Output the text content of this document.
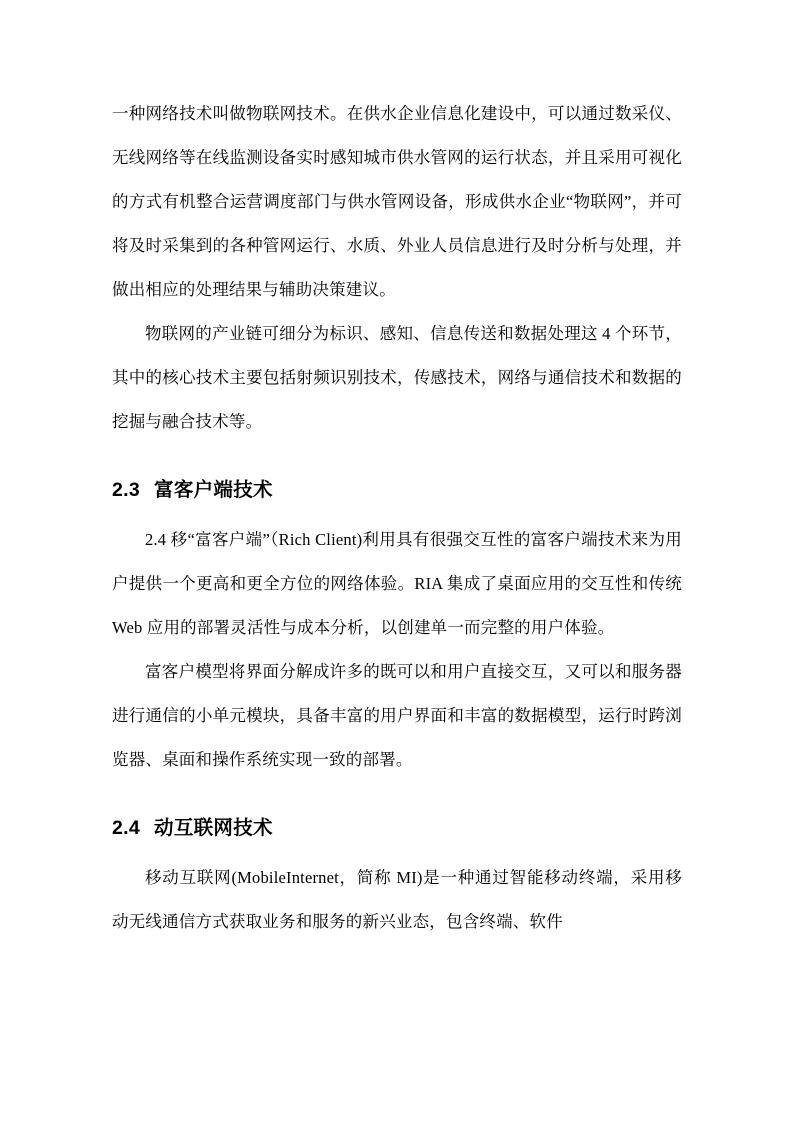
一种网络技术叫做物联网技术。在供水企业信息化建设中，可以通过数采仪、无线网络等在线监测设备实时感知城市供水管网的运行状态，并且采用可视化的方式有机整合运营调度部门与供水管网设备，形成供水企业“物联网”，并可将及时采集到的各种管网运行、水质、外业人员信息进行及时分析与处理，并做出相应的处理结果与辅助决策建议。

物联网的产业链可细分为标识、感知、信息传送和数据处理这 4 个环节，其中的核心技术主要包括射频识别技术，传感技术，网络与通信技术和数据的挖掘与融合技术等。

2.3 富客户端技术

2.4 移“富客户端”（Rich Client)利用具有很强交互性的富客户端技术来为用户提供一个更高和更全方位的网络体验。RIA 集成了桌面应用的交互性和传统 Web 应用的部署灵活性与成本分析，以创建单一而完整的用户体验。

富客户模型将界面分解成许多的既可以和用户直接交互，又可以和服务器进行通信的小单元模块，具备丰富的用户界面和丰富的数据模型，运行时跨浏览器、桌面和操作系统实现一致的部署。

2.4 动互联网技术

移动互联网(MobileInternet，简称 MI)是一种通过智能移动终端，采用移动无线通信方式获取业务和服务的新兴业态，包含终端、软件
